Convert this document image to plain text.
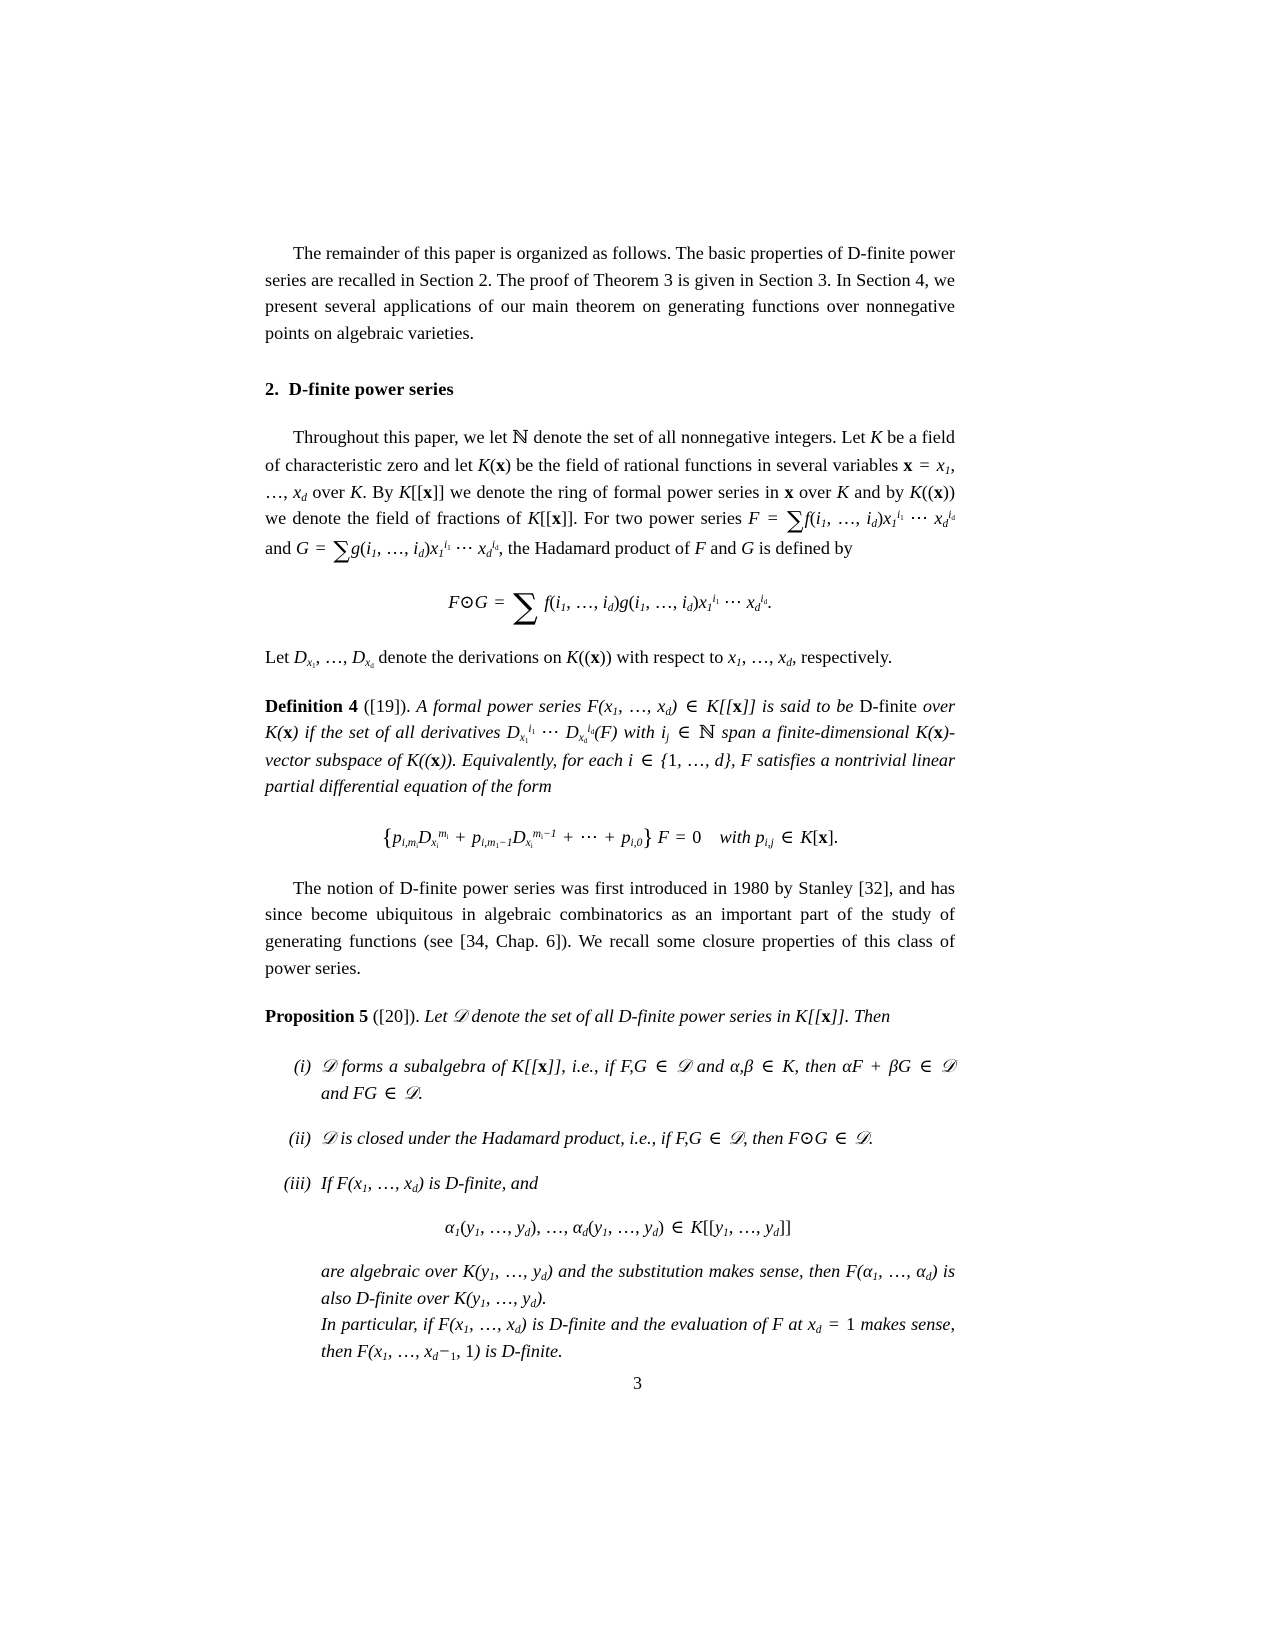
The remainder of this paper is organized as follows. The basic properties of D-finite power series are recalled in Section 2. The proof of Theorem 3 is given in Section 3. In Section 4, we present several applications of our main theorem on generating functions over nonnegative points on algebraic varieties.

2. D-finite power series

Throughout this paper, we let ℕ denote the set of all nonnegative integers. Let K be a field of characteristic zero and let K(x) be the field of rational functions in several variables $x = x_1$, …, $x_d$ over K. By K[[x]] we denote the ring of formal power series in x over K and by K((x)) we denote the field of fractions of K[[x]]. For two power series $F = \sum f(i_1$, …, $i_d)x_1^{i_1}$ ⋯ $x_d^{i_d}$ and $G = \sum g(i_1$, …, $i_d)x_1^{i_1}$ ⋯ $x_d^{i_d}$, the Hadamard product of F and G is defined by

F⊙G = ∑ $f(i_1$, …, $i_d)g(i_1$, …, $i_d)x_1^{i_1}$ ⋯ $x_d^{i_d}$.

Let $D_{x_1}$, …, $D_{x_d}$ denote the derivations on K((x)) with respect to $x_1$, …, $x_d$, respectively.

Definition 4 ([19]). A formal power series $F(x_1$, …, $x_d$) ∈ K[[x]] is said to be D-finite over K(x) if the set of all derivatives $D_{x_1}^{i_1}$ ⋯ $D_{x_d}^{i_d}(F)$ with $i_j$ ∈ ℕ span a finite-dimensional K(x)-vector subspace of K((x)). Equivalently, for each i ∈ {1, …, d}, F satisfies a nontrivial linear partial differential equation of the form

{$p_{i,m_i}D_{x_i}^{m_i} + p_{i,m_1-1}D_{x_i}^{m_i-1}$ + ⋯ + $p_{i,0}$} F = 0 with $p_{i,j}$ ∈ K[x].

The notion of D-finite power series was first introduced in 1980 by Stanley [32], and has since become ubiquitous in algebraic combinatorics as an important part of the study of generating functions (see [34, Chap. 6]). We recall some closure properties of this class of power series.

Proposition 5 ([20]). Let 𝒟 denote the set of all D-finite power series in K[[x]]. Then

(i) 𝒟 forms a subalgebra of K[[x]], i.e., if F,G ∈ 𝒟 and α,β ∈ K, then αF + βG ∈ 𝒟 and FG ∈ 𝒟.
(ii) 𝒟 is closed under the Hadamard product, i.e., if F,G ∈ 𝒟, then F⊙G ∈ 𝒟.
(iii) If $F(x_1$, …, $x_d$) is D-finite, and
$\alpha_1(y_1$, …, $y_d$), …, $\alpha_d(y_1$, …, $y_d$) ∈ $K[[y_1$, …, $y_d$]]
are algebraic over $K(y_1$, …, $y_d$) and the substitution makes sense, then $F(\alpha_1$, …, $\alpha_d$) is also D-finite over $K(y_1$, …, $y_d$).
In particular, if $F(x_1$, …, $x_d$) is D-finite and the evaluation of F at $x_d = 1$ makes sense, then $F(x_1$, …, $x_d-_1$, 1) is D-finite.
3
